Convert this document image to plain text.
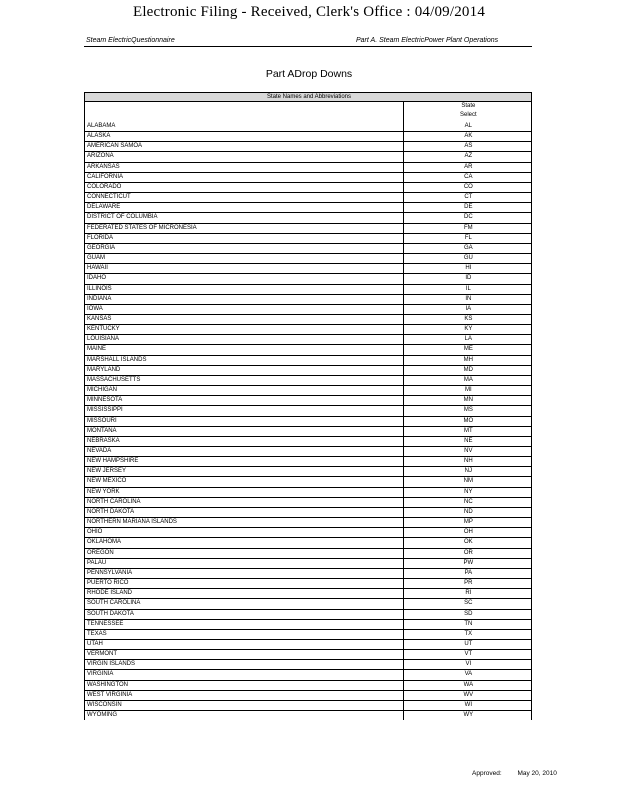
Electronic Filing - Received, Clerk's Office : 04/09/2014
Steam ElectricQuestionnaire	Part A. Steam ElectricPower Plant Operations
Part ADrop Downs
State Names and Abbreviations	

	State
Select

ALABAMA	AL
ALASKA	AK
AMERICAN SAMOA	AS
ARIZONA	AZ
ARKANSAS	AR
CALIFORNIA	CA
COLORADO	CO
CONNECTICUT	CT
DELAWARE	DE
DISTRICT OF COLUMBIA	DC
FEDERATED STATES OF MICRONESIA	FM
FLORIDA	FL
GEORGIA	GA
GUAM	GU
HAWAII	HI
IDAHO	ID
ILLINOIS	IL
INDIANA	IN
IOWA	IA
KANSAS	KS
KENTUCKY	KY
LOUISIANA	LA
MAINE	ME
MARSHALL ISLANDS	MH
MARYLAND	MD
MASSACHUSETTS	MA
MICHIGAN	MI
MINNESOTA	MN
MISSISSIPPI	MS
MISSOURI	MO
MONTANA	MT
NEBRASKA	NE
NEVADA	NV
NEW HAMPSHIRE	NH
NEW JERSEY	NJ
NEW MEXICO	NM
NEW YORK	NY
NORTH CAROLINA	NC
NORTH DAKOTA	ND
NORTHERN MARIANA ISLANDS	MP
OHIO	OH
OKLAHOMA	OK
OREGON	OR
PALAU	PW
PENNSYLVANIA	PA
PUERTO RICO	PR
RHODE ISLAND	RI
SOUTH CAROLINA	SC
SOUTH DAKOTA	SD
TENNESSEE	TN
TEXAS	TX
UTAH	UT
VERMONT	VT
VIRGIN ISLANDS	VI
VIRGINIA	VA
WASHINGTON	WA
WEST VIRGINIA	WV
WISCONSIN	WI
WYOMING	WY
Approved: May 20, 2010
